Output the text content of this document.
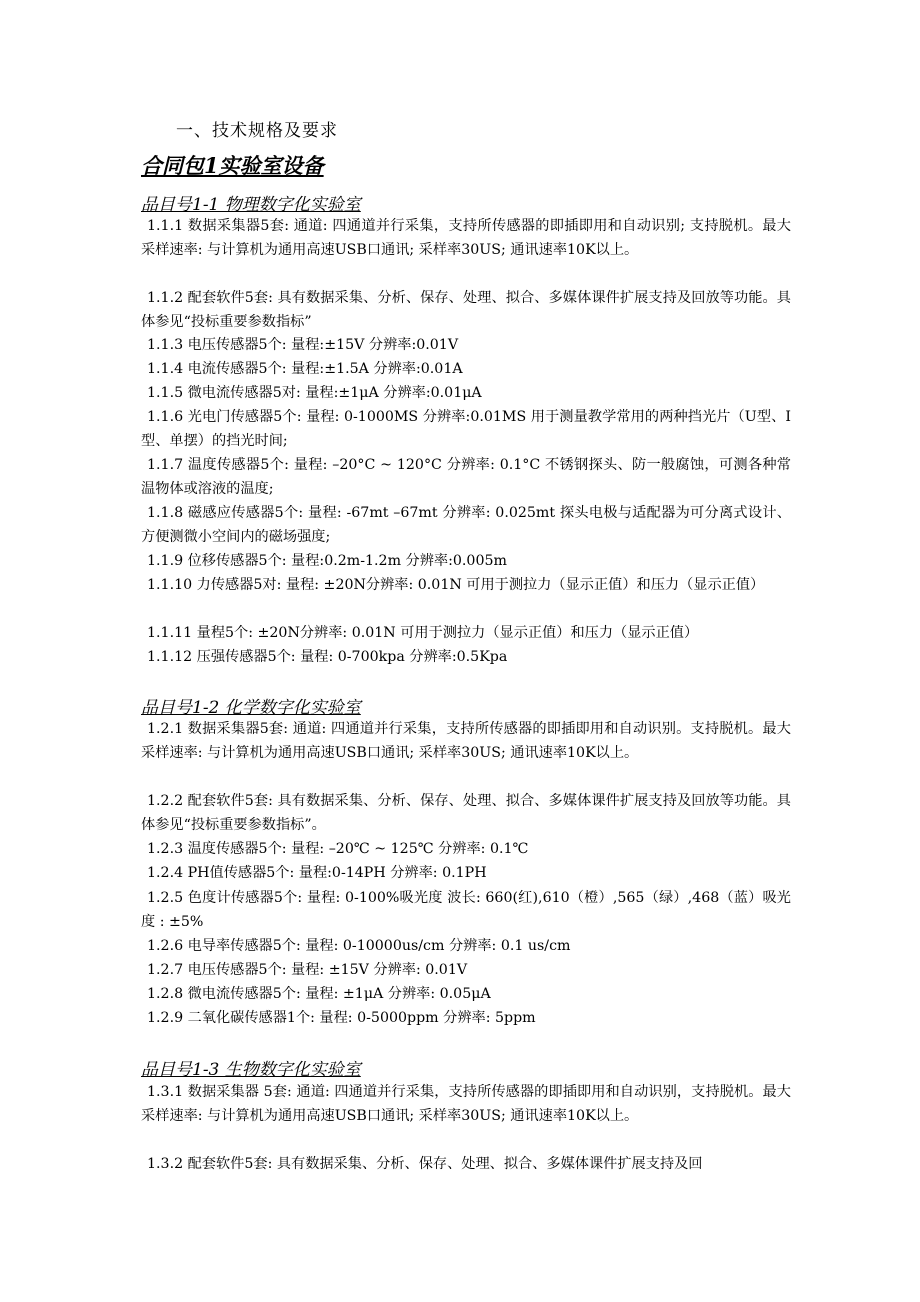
一、技术规格及要求
合同包1实验室设备
品目号1-1 物理数字化实验室
1.1.1 数据采集器5套: 通道: 四通道并行采集，支持所传感器的即插即用和自动识别; 支持脱机。最大采样速率: 与计算机为通用高速USB口通讯; 采样率30US; 通讯速率10K以上。
1.1.2 配套软件5套: 具有数据采集、分析、保存、处理、拟合、多媒体课件扩展支持及回放等功能。具体参见“投标重要参数指标”
1.1.3 电压传感器5个: 量程:±15V 分辨率:0.01V
1.1.4 电流传感器5个: 量程:±1.5A 分辨率:0.01A
1.1.5 微电流传感器5对: 量程:±1μA 分辨率:0.01μA
1.1.6 光电门传感器5个: 量程: 0-1000MS 分辨率:0.01MS 用于测量教学常用的两种挡光片（U型、I型、单摆）的挡光时间;
1.1.7 温度传感器5个: 量程: –20°C ~ 120°C 分辨率: 0.1°C 不锈钢探头、防一般腐蚀，可测各种常温物体或溶液的温度;
1.1.8 磁感应传感器5个: 量程: -67mt –67mt 分辨率: 0.025mt 探头电极与适配器为可分离式设计、方便测微小空间内的磁场强度;
1.1.9 位移传感器5个: 量程:0.2m-1.2m 分辨率:0.005m
1.1.10 力传感器5对: 量程: ±20N分辨率: 0.01N 可用于测拉力（显示正值）和压力（显示正值）
1.1.11 量程5个: ±20N分辨率: 0.01N 可用于测拉力（显示正值）和压力（显示正值）
1.1.12 压强传感器5个: 量程: 0-700kpa 分辨率:0.5Kpa
品目号1-2 化学数字化实验室
1.2.1 数据采集器5套: 通道: 四通道并行采集，支持所传感器的即插即用和自动识别。支持脱机。最大采样速率: 与计算机为通用高速USB口通讯; 采样率30US; 通讯速率10K以上。
1.2.2 配套软件5套: 具有数据采集、分析、保存、处理、拟合、多媒体课件扩展支持及回放等功能。具体参见“投标重要参数指标”。
1.2.3 温度传感器5个: 量程: –20℃ ~ 125℃ 分辨率: 0.1℃
1.2.4 PH值传感器5个: 量程:0-14PH 分辨率: 0.1PH
1.2.5 色度计传感器5个: 量程: 0-100%吸光度 波长: 660(红),610（橙）,565（绿）,468（蓝）吸光度 : ±5%
1.2.6 电导率传感器5个: 量程: 0-10000us/cm 分辨率: 0.1 us/cm
1.2.7 电压传感器5个: 量程: ±15V 分辨率: 0.01V
1.2.8 微电流传感器5个: 量程: ±1μA 分辨率: 0.05μA
1.2.9 二氧化碳传感器1个: 量程: 0-5000ppm 分辨率: 5ppm
品目号1-3 生物数字化实验室
1.3.1 数据采集器 5套: 通道: 四通道并行采集，支持所传感器的即插即用和自动识别，支持脱机。最大采样速率: 与计算机为通用高速USB口通讯; 采样率30US; 通讯速率10K以上。
1.3.2 配套软件5套: 具有数据采集、分析、保存、处理、拟合、多媒体课件扩展支持及回
